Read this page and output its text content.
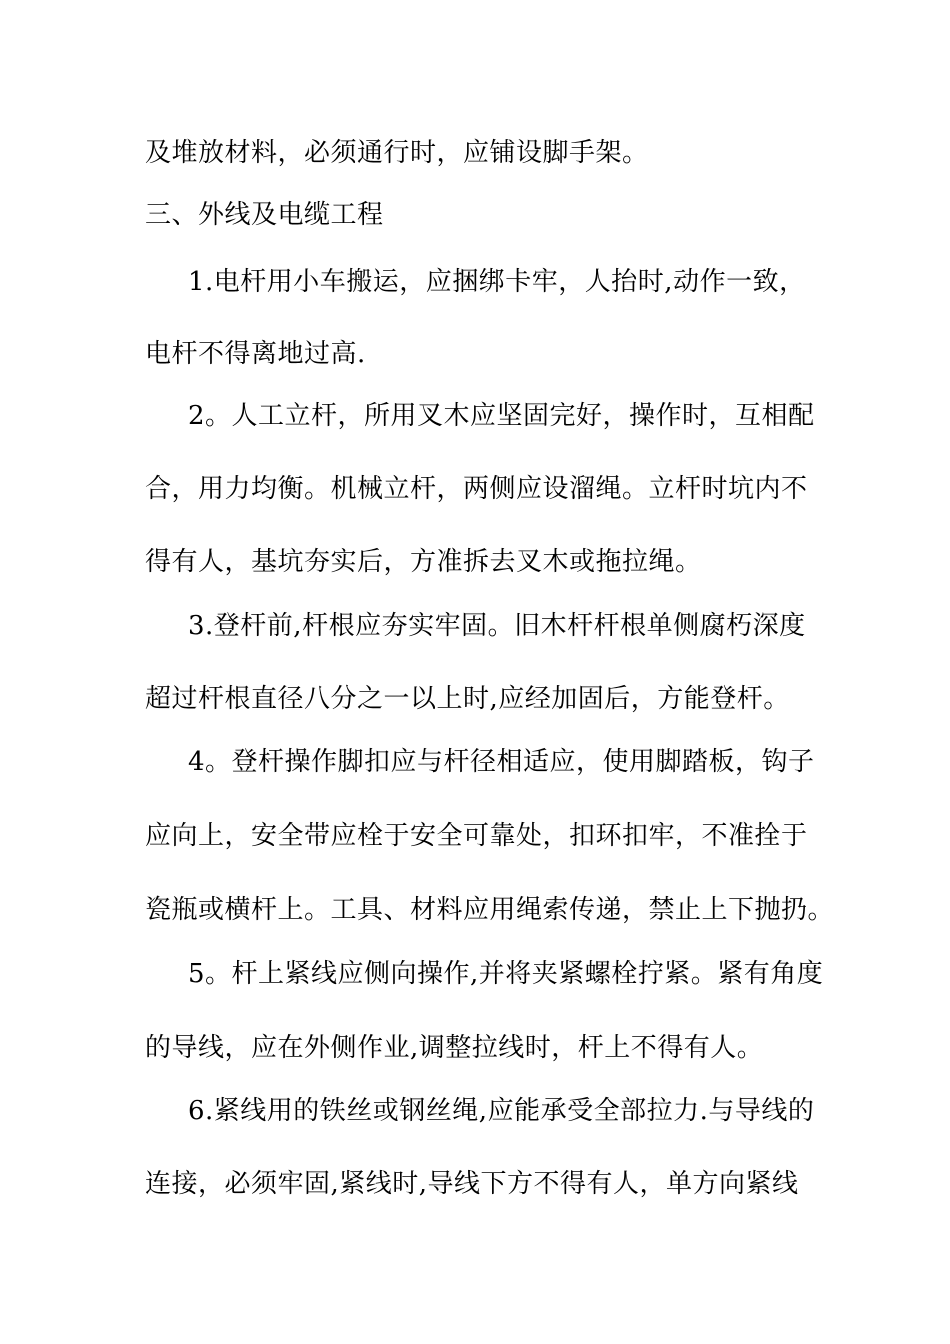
及堆放材料，必须通行时，应铺设脚手架。
三、外线及电缆工程
1.电杆用小车搬运，应捆绑卡牢，人抬时,动作一致，
电杆不得离地过高.
2。人工立杆，所用叉木应坚固完好，操作时，互相配
合，用力均衡。机械立杆，两侧应设溜绳。立杆时坑内不
得有人，基坑夯实后，方准拆去叉木或拖拉绳。
3.登杆前,杆根应夯实牢固。旧木杆杆根单侧腐朽深度
超过杆根直径八分之一以上时,应经加固后，方能登杆。
4。登杆操作脚扣应与杆径相适应，使用脚踏板，钩子
应向上，安全带应栓于安全可靠处，扣环扣牢，不准拴于
瓷瓶或横杆上。工具、材料应用绳索传递，禁止上下抛扔。
5。杆上紧线应侧向操作,并将夹紧螺栓拧紧。紧有角度
的导线，应在外侧作业,调整拉线时，杆上不得有人。
6.紧线用的铁丝或钢丝绳,应能承受全部拉力.与导线的
连接，必须牢固,紧线时,导线下方不得有人，单方向紧线
